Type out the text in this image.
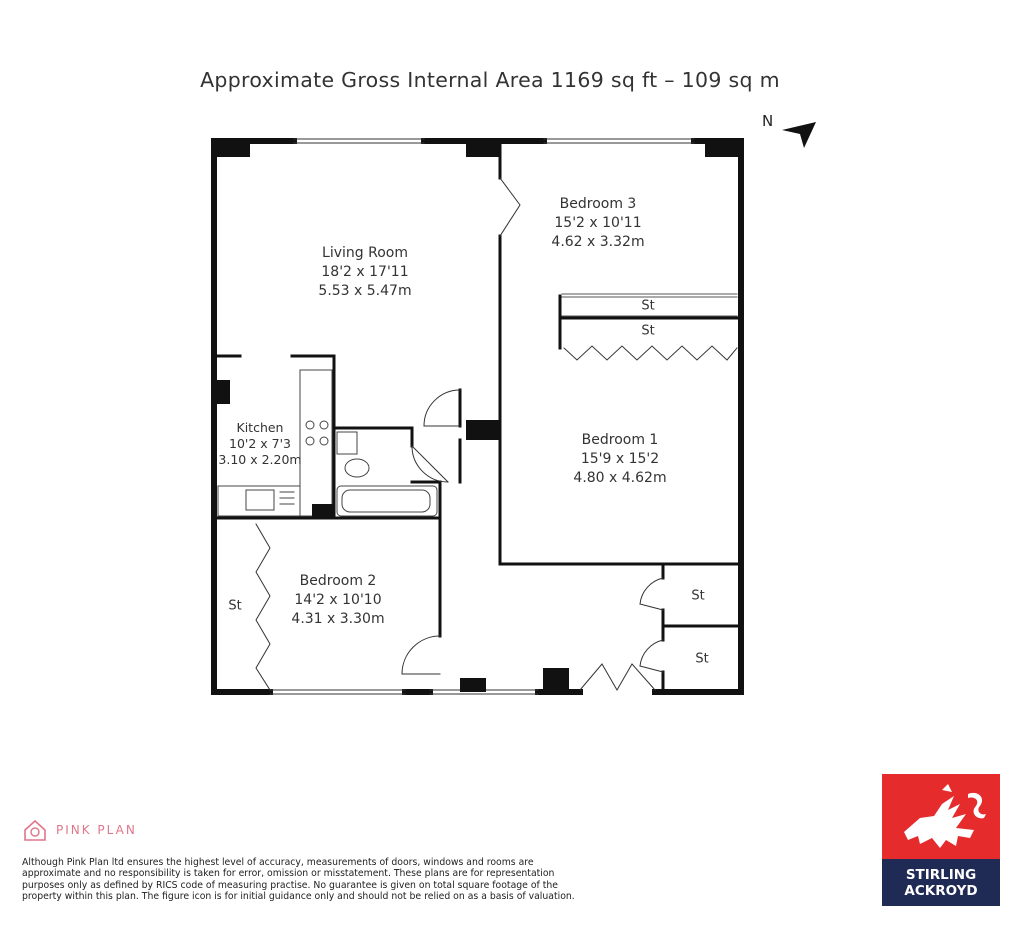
Approximate Gross Internal Area 1169 sq ft – 109 sq m
N
Bedroom 3
15'2 x 10'11
4.62 x 3.32m
Living Room
18'2 x 17'11
5.53 x 5.47m
Bedroom 1
15'9 x 15'2
4.80 x 4.62m
Kitchen
10'2 x 7'3
3.10 x 2.20m
Bedroom 2
14'2 x 10'10
4.31 x 3.30m
St
St
St
St
St
PINK PLAN
Although Pink Plan ltd ensures the highest level of accuracy, measurements of doors, windows and rooms are approximate and no responsibility is taken for error, omission or misstatement. These plans are for representation purposes only as defined by RICS code of measuring practise. No guarantee is given on total square footage of the property within this plan. The figure icon is for initial guidance only and should not be relied on as a basis of valuation.
STIRLING
ACKROYD
